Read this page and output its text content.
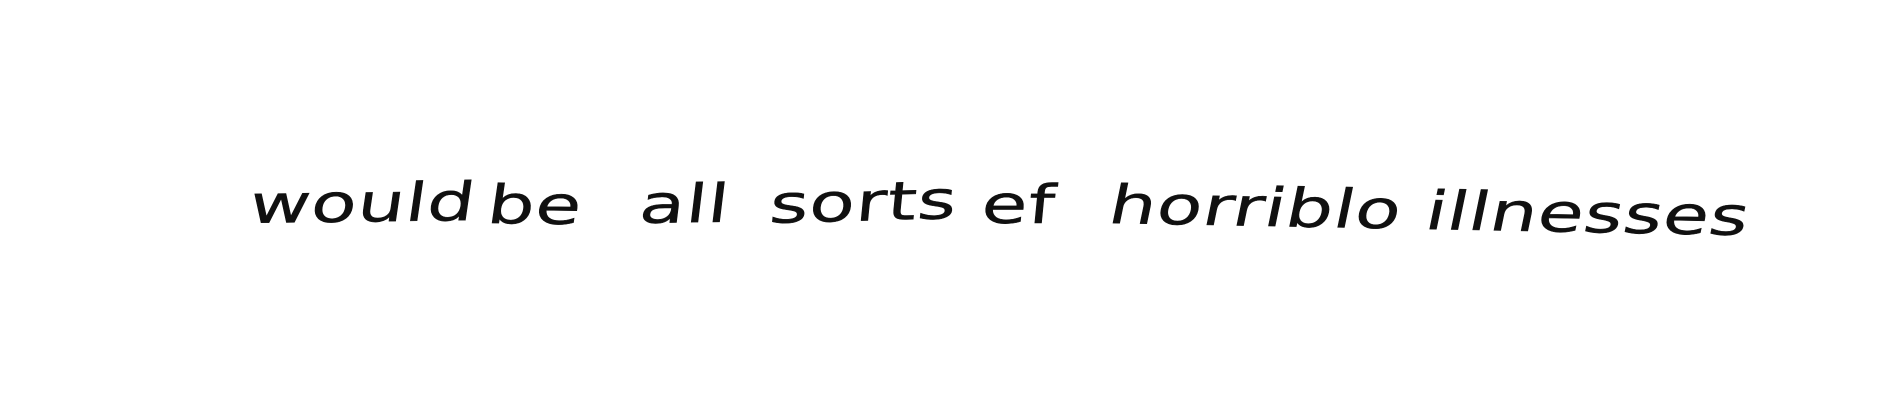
would be all sorts ef horriblo illnesses
